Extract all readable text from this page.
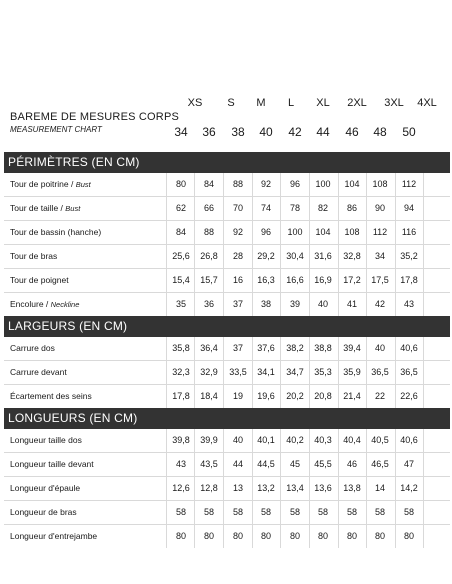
BAREME DE MESURES CORPS
MEASUREMENT CHART
XS S M L XL 2XL 3XL 4XL
34 36 38 40 42 44 46 48 50
PÉRIMÈTRES (EN CM)
Tour de poitrine / Bust	80 84 88 92 96 100 104 108 112
Tour de taille / Bust	62 66 70 74 78 82 86 90 94
Tour de bassin (hanche)	84 88 92 96 100 104 108 112 116
Tour de bras	25,6 26,8 28 29,2 30,4 31,6 32,8 34 35,2
Tour de poignet	15,4 15,7 16 16,3 16,6 16,9 17,2 17,5 17,8
Encolure / Neckline	35 36 37 38 39 40 41 42 43
LARGEURS (EN CM)
Carrure dos	35,8 36,4 37 37,6 38,2 38,8 39,4 40 40,6
Carrure devant	32,3 32,9 33,5 34,1 34,7 35,3 35,9 36,5 36,5
Écartement des seins	17,8 18,4 19 19,6 20,2 20,8 21,4 22 22,6
LONGUEURS (EN CM)
Longueur taille dos	39,8 39,9 40 40,1 40,2 40,3 40,4 40,5 40,6
Longueur taille devant	43 43,5 44 44,5 45 45,5 46 46,5 47
Longueur d'épaule	12,6 12,8 13 13,2 13,4 13,6 13,8 14 14,2
Longueur de bras	58 58 58 58 58 58 58 58 58
Longueur d'entrejambe	80 80 80 80 80 80 80 80 80
